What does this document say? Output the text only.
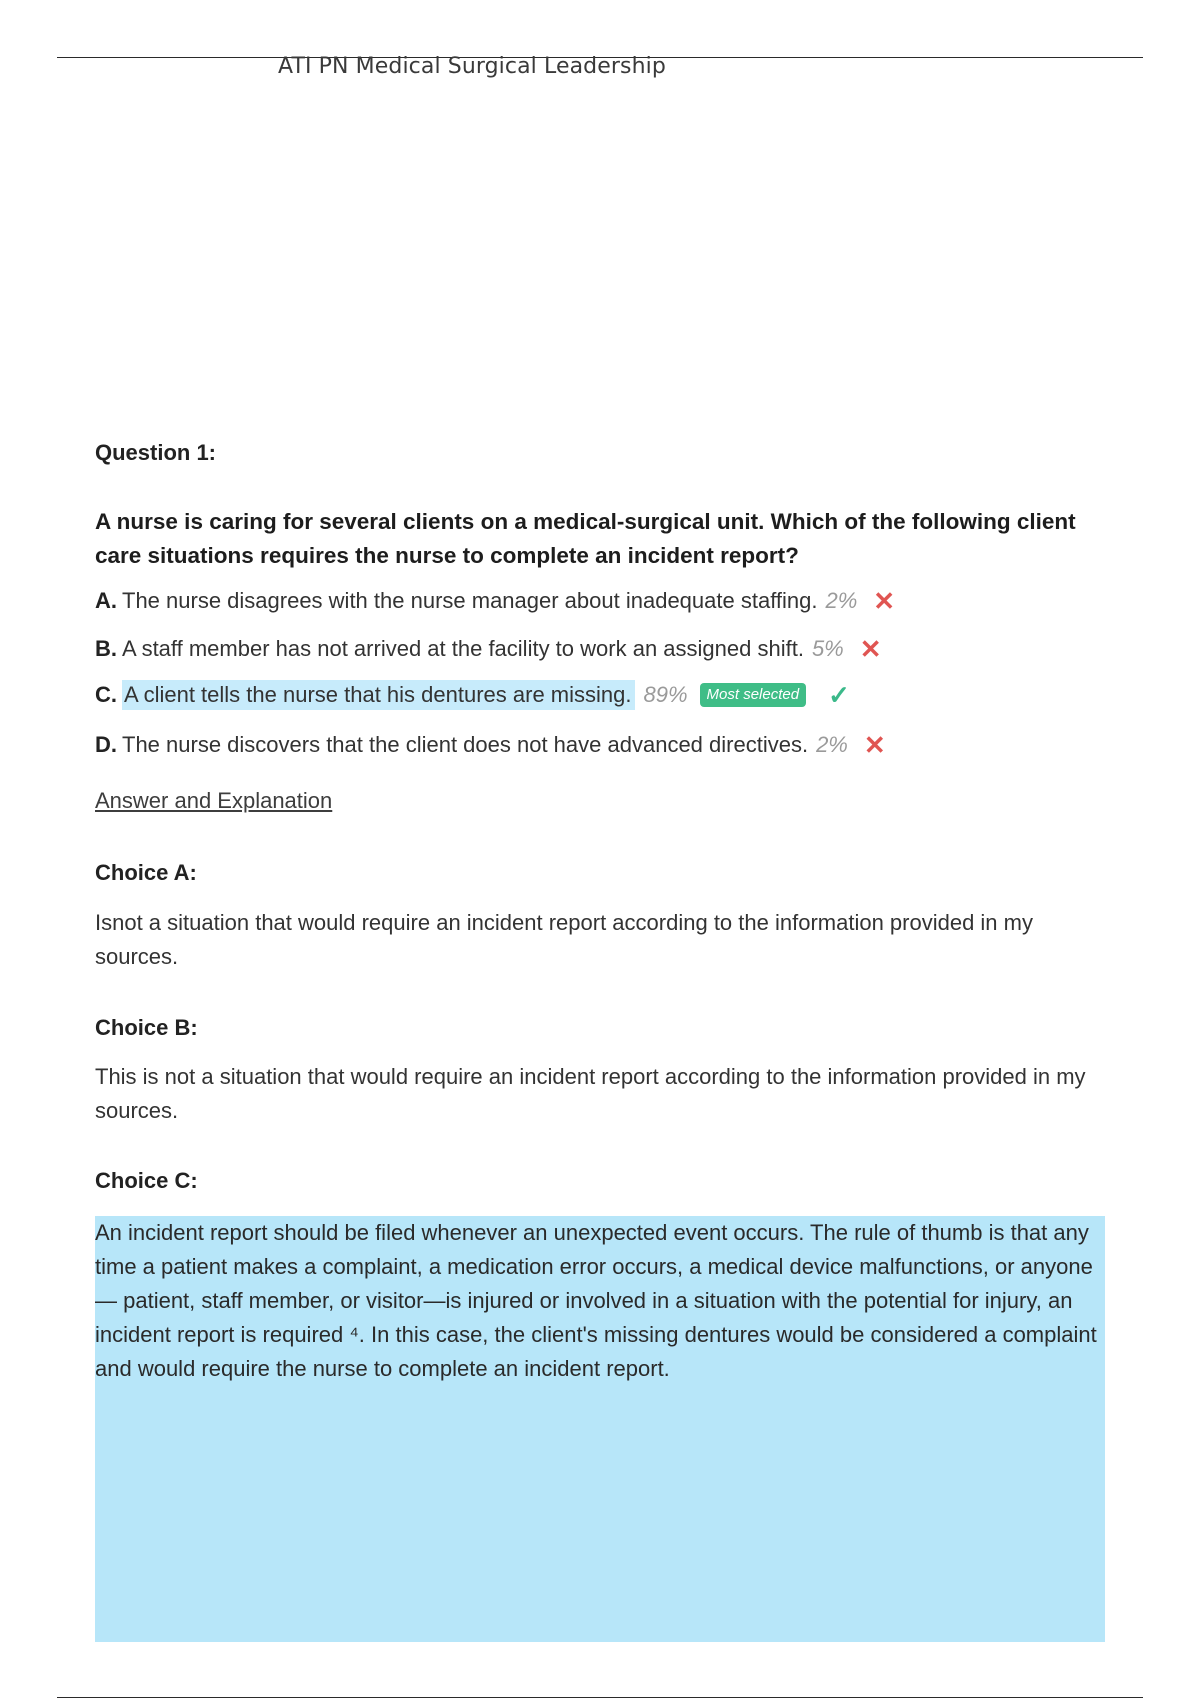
ATI PN Medical Surgical Leadership
Question 1:
A nurse is caring for several clients on a medical-surgical unit. Which of the following client care situations requires the nurse to complete an incident report?
A. The nurse disagrees with the nurse manager about inadequate staffing. 2% ✕
B. A staff member has not arrived at the facility to work an assigned shift. 5% ✕
C. A client tells the nurse that his dentures are missing. 89%	Most selected ✓
D. The nurse discovers that the client does not have advanced directives. 2% ✕
Answer and Explanation
Choice A:
Isnot a situation that would require an incident report according to the information provided in my sources.
Choice B:
This is not a situation that would require an incident report according to the information provided in my sources.
Choice C:
An incident report should be filed whenever an unexpected event occurs. The rule of thumb is that any time a patient makes a complaint, a medication error occurs, a medical device malfunctions, or anyone— patient, staff member, or visitor—is injured or involved in a situation with the potential for injury, an incident report is required ⁴. In this case, the client's missing dentures would be considered a complaint and would require the nurse to complete an incident report.
